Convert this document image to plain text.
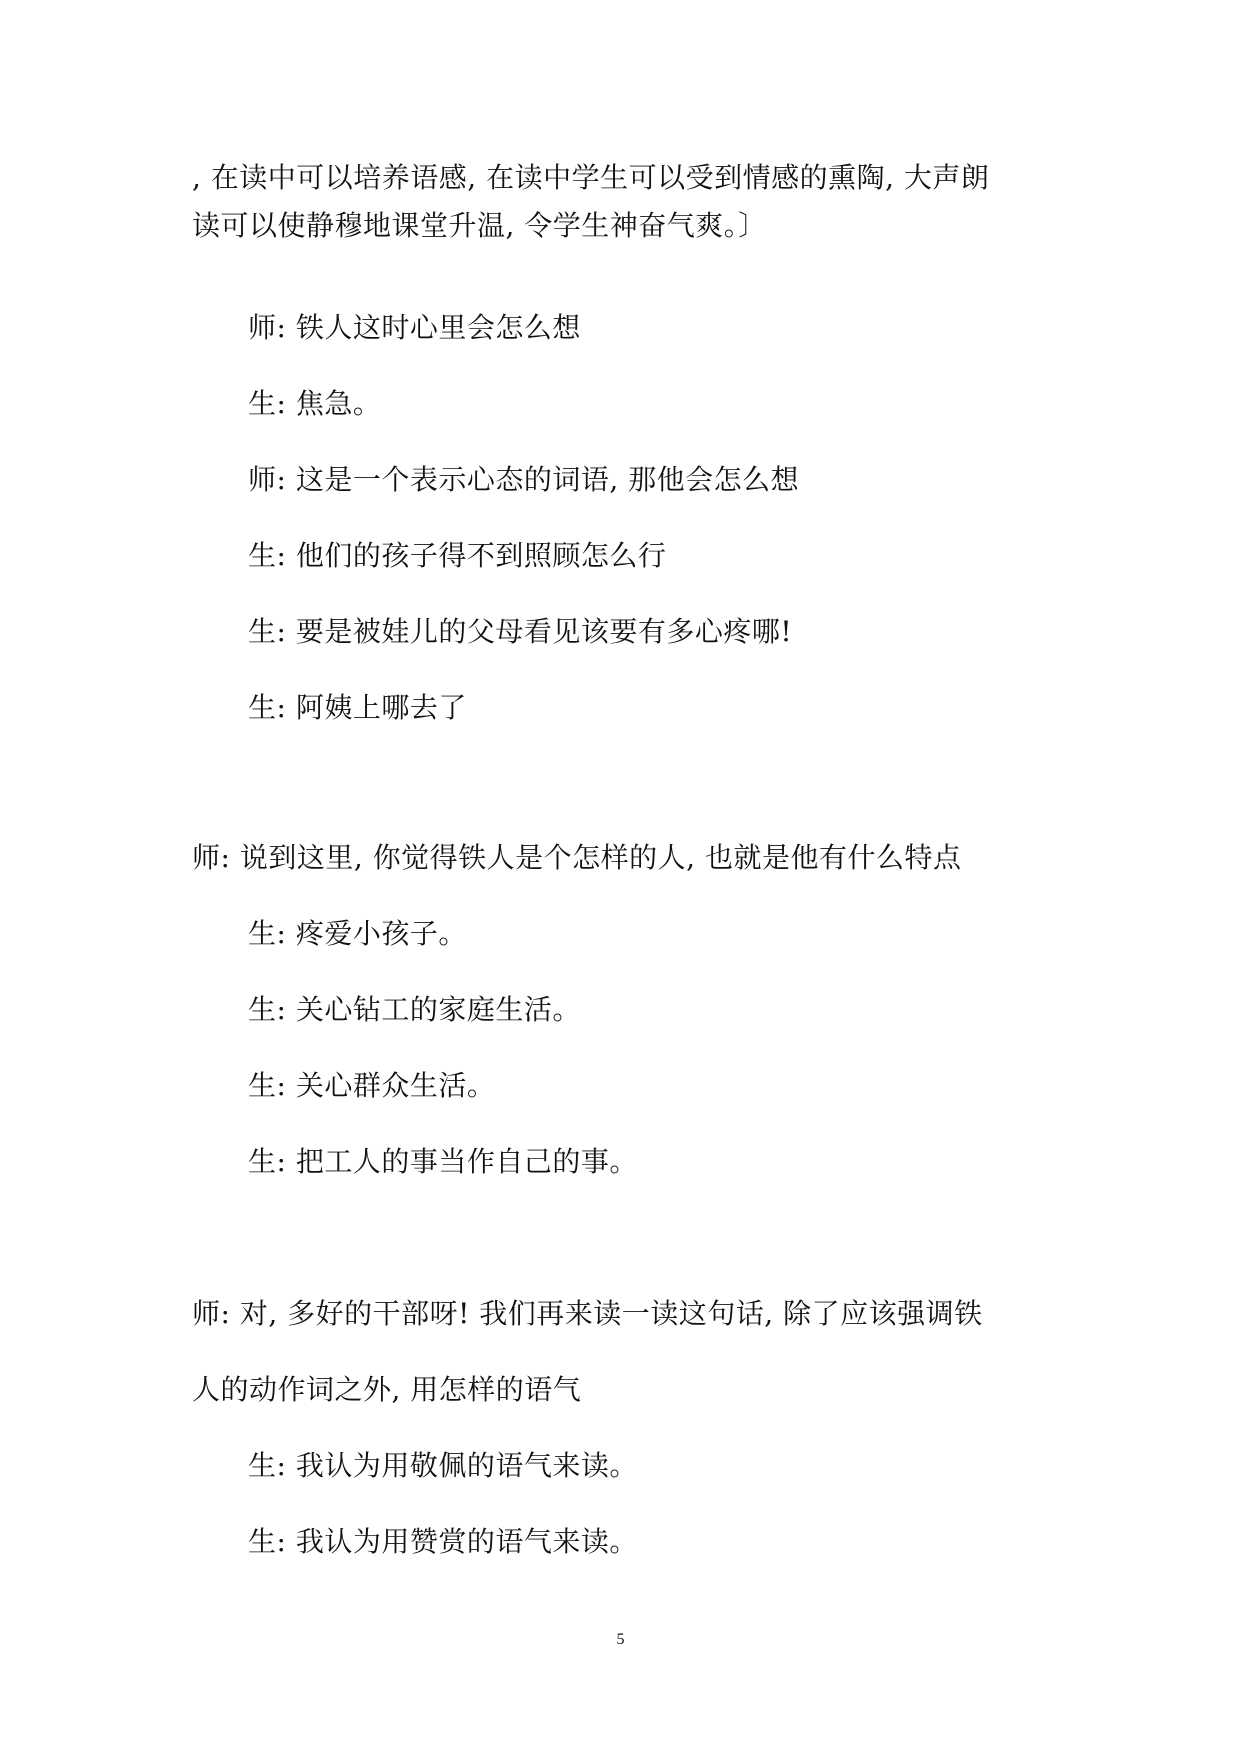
, 在读中可以培养语感, 在读中学生可以受到情感的熏陶, 大声朗
读可以使静穆地课堂升温, 令学生神奋气爽。〕
师: 铁人这时心里会怎么想
生: 焦急。
师: 这是一个表示心态的词语, 那他会怎么想
生: 他们的孩子得不到照顾怎么行
生: 要是被娃儿的父母看见该要有多心疼哪!
生: 阿姨上哪去了
师: 说到这里, 你觉得铁人是个怎样的人, 也就是他有什么特点
生: 疼爱小孩子。
生: 关心钻工的家庭生活。
生: 关心群众生活。
生: 把工人的事当作自己的事。
师: 对, 多好的干部呀! 我们再来读一读这句话, 除了应该强调铁
人的动作词之外, 用怎样的语气
生: 我认为用敬佩的语气来读。
生: 我认为用赞赏的语气来读。
5
